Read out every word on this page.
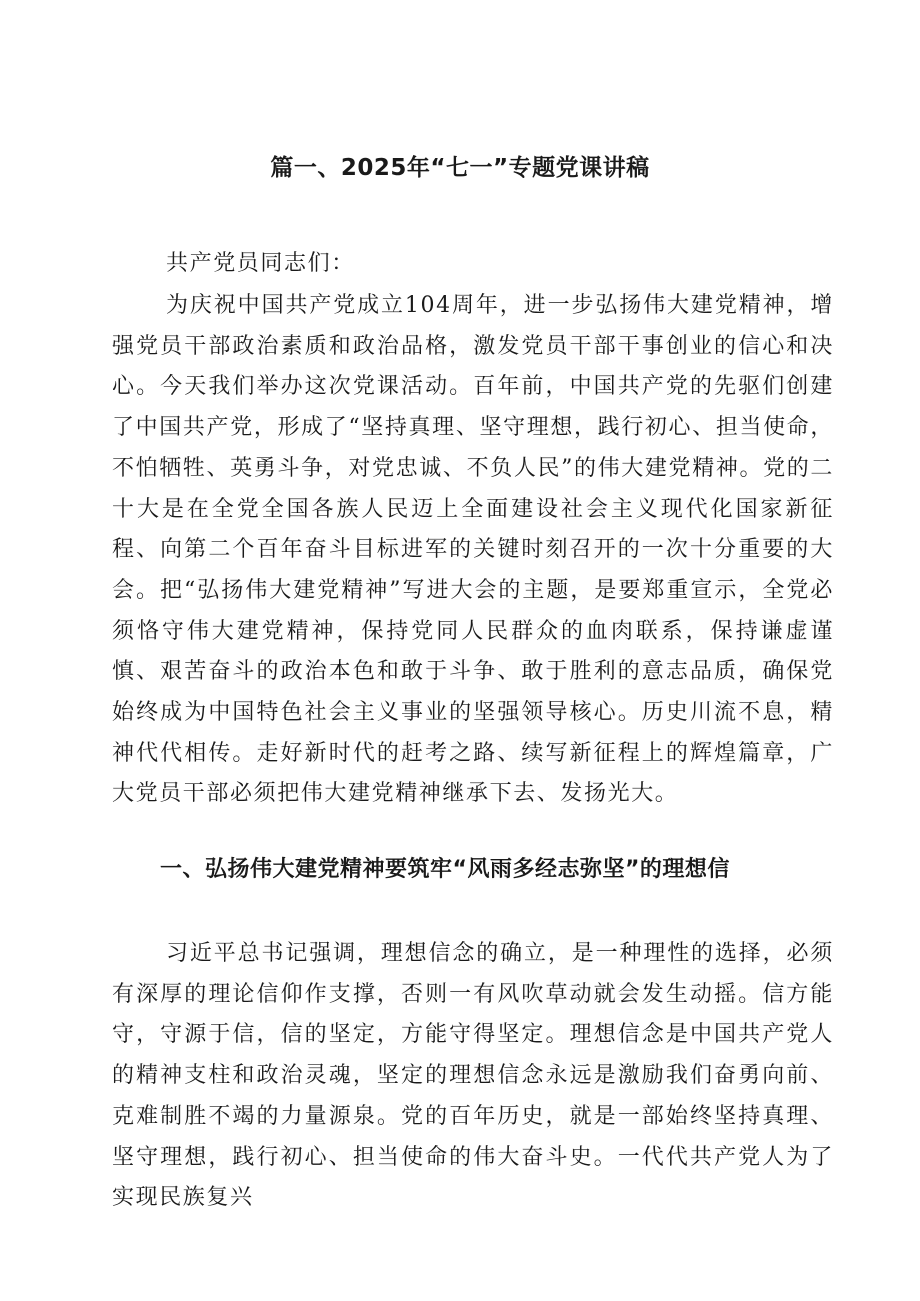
篇一、2025年“七一”专题党课讲稿

共产党员同志们：

为庆祝中国共产党成立104周年，进一步弘扬伟大建党精神，增强党员干部政治素质和政治品格，激发党员干部干事创业的信心和决心。今天我们举办这次党课活动。百年前，中国共产党的先驱们创建了中国共产党，形成了“坚持真理、坚守理想，践行初心、担当使命，不怕牺牲、英勇斗争，对党忠诚、不负人民”的伟大建党精神。党的二十大是在全党全国各族人民迈上全面建设社会主义现代化国家新征程、向第二个百年奋斗目标进军的关键时刻召开的一次十分重要的大会。把“弘扬伟大建党精神”写进大会的主题，是要郑重宣示，全党必须恪守伟大建党精神，保持党同人民群众的血肉联系，保持谦虚谨慎、艰苦奋斗的政治本色和敢于斗争、敢于胜利的意志品质，确保党始终成为中国特色社会主义事业的坚强领导核心。历史川流不息，精神代代相传。走好新时代的赶考之路、续写新征程上的辉煌篇章，广大党员干部必须把伟大建党精神继承下去、发扬光大。

一、弘扬伟大建党精神要筑牢“风雨多经志弥坚”的理想信

习近平总书记强调，理想信念的确立，是一种理性的选择，必须有深厚的理论信仰作支撑，否则一有风吹草动就会发生动摇。信方能守，守源于信，信的坚定，方能守得坚定。理想信念是中国共产党人的精神支柱和政治灵魂，坚定的理想信念永远是激励我们奋勇向前、克难制胜不竭的力量源泉。党的百年历史，就是一部始终坚持真理、坚守理想，践行初心、担当使命的伟大奋斗史。一代代共产党人为了实现民族复兴
